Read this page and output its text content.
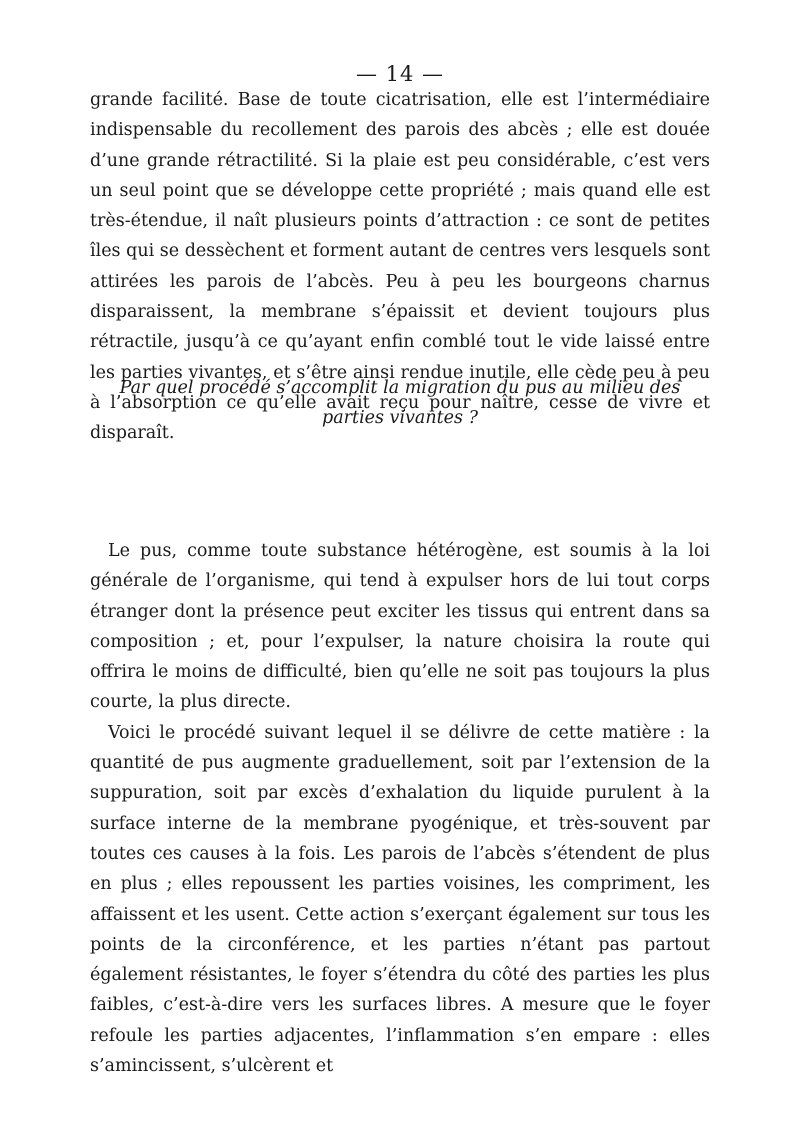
— 14 —

grande facilité. Base de toute cicatrisation, elle est l’intermédiaire indispensable du recollement des parois des abcès ; elle est douée d’une grande rétractilité. Si la plaie est peu considérable, c’est vers un seul point que se développe cette propriété ; mais quand elle est très-étendue, il naît plusieurs points d’attraction : ce sont de petites îles qui se dessèchent et forment autant de centres vers lesquels sont attirées les parois de l’abcès. Peu à peu les bourgeons charnus disparaissent, la membrane s’épaissit et devient toujours plus rétractile, jusqu’à ce qu’ayant enfin comblé tout le vide laissé entre les parties vivantes, et s’être ainsi rendue inutile, elle cède peu à peu à l’absorption ce qu’elle avait reçu pour naître, cesse de vivre et disparaît.

Par quel procédé s’accomplit la migration du pus au milieu des parties vivantes ?

Le pus, comme toute substance hétérogène, est soumis à la loi générale de l’organisme, qui tend à expulser hors de lui tout corps étranger dont la présence peut exciter les tissus qui entrent dans sa composition ; et, pour l’expulser, la nature choisira la route qui offrira le moins de difficulté, bien qu’elle ne soit pas toujours la plus courte, la plus directe.

Voici le procédé suivant lequel il se délivre de cette matière : la quantité de pus augmente graduellement, soit par l’extension de la suppuration, soit par excès d’exhalation du liquide purulent à la surface interne de la membrane pyogénique, et très-souvent par toutes ces causes à la fois. Les parois de l’abcès s’étendent de plus en plus ; elles repoussent les parties voisines, les compriment, les affaissent et les usent. Cette action s’exerçant également sur tous les points de la circonférence, et les parties n’étant pas partout également résistantes, le foyer s’étendra du côté des parties les plus faibles, c’est-à-dire vers les surfaces libres. A mesure que le foyer refoule les parties adjacentes, l’inflammation s’en empare : elles s’amincissent, s’ulcèrent et
